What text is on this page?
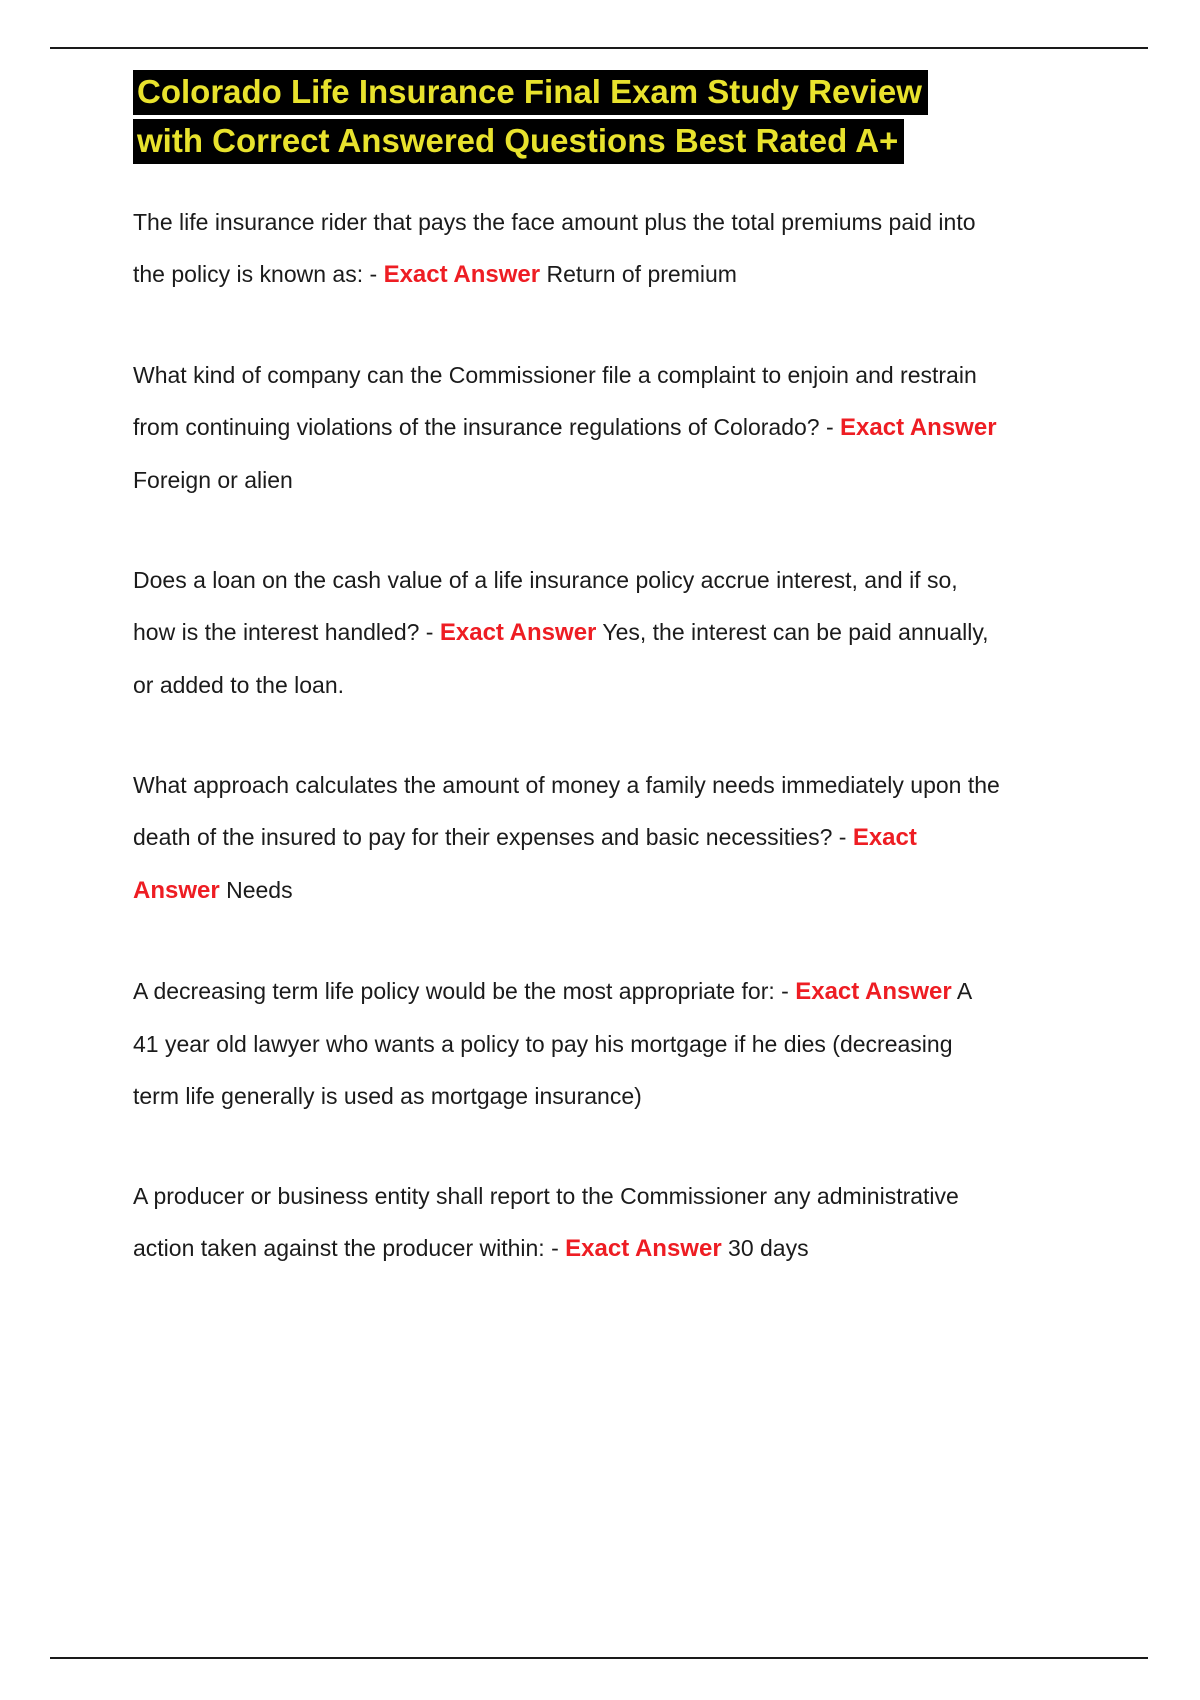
Colorado Life Insurance Final Exam Study Review
with Correct Answered Questions Best Rated A+

The life insurance rider that pays the face amount plus the total premiums paid into the policy is known as: - Exact Answer Return of premium

What kind of company can the Commissioner file a complaint to enjoin and restrain from continuing violations of the insurance regulations of Colorado? - Exact Answer Foreign or alien

Does a loan on the cash value of a life insurance policy accrue interest, and if so, how is the interest handled? - Exact Answer Yes, the interest can be paid annually, or added to the loan.

What approach calculates the amount of money a family needs immediately upon the death of the insured to pay for their expenses and basic necessities? - Exact Answer Needs

A decreasing term life policy would be the most appropriate for: - Exact Answer A 41 year old lawyer who wants a policy to pay his mortgage if he dies (decreasing term life generally is used as mortgage insurance)

A producer or business entity shall report to the Commissioner any administrative action taken against the producer within: - Exact Answer 30 days
